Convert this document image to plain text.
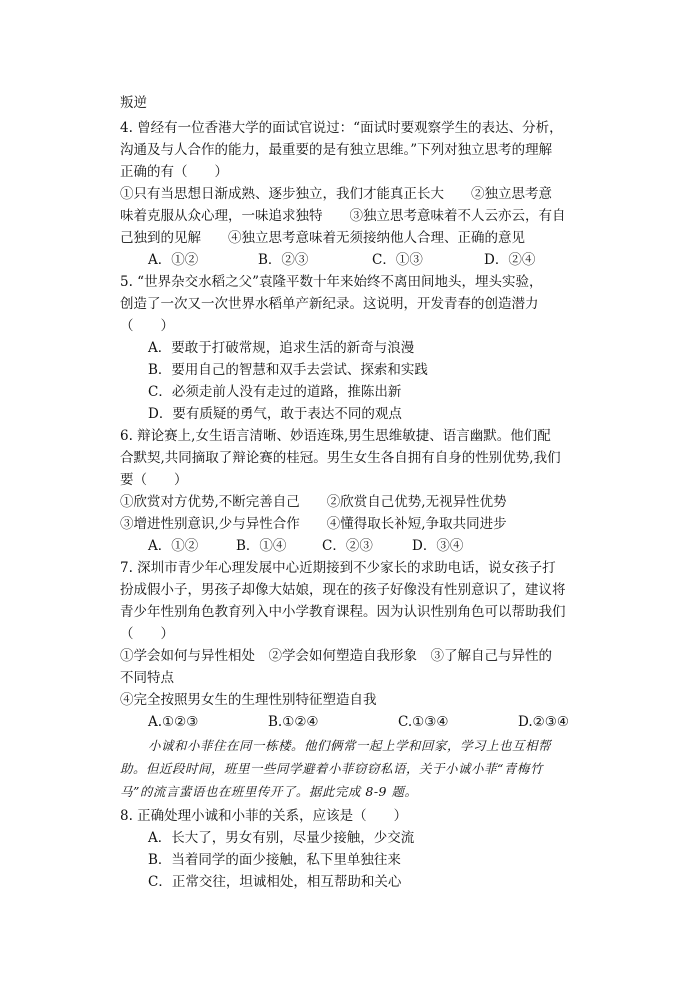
叛逆
4. 曾经有一位香港大学的面试官说过：“面试时要观察学生的表达、分析，
沟通及与人合作的能力，最重要的是有独立思维。”下列对独立思考的理解
正确的有（　　）
①只有当思想日渐成熟、逐步独立，我们才能真正长大　　②独立思考意
味着克服从众心理，一味追求独特　　③独立思考意味着不人云亦云，有自
己独到的见解　　④独立思考意味着无须接纳他人合理、正确的意见
A．①②	B．②③	C．①③	D．②④
5. “世界杂交水稻之父”袁隆平数十年来始终不离田间地头，埋头实验，
创造了一次又一次世界水稻单产新纪录。这说明，开发青春的创造潜力
（　　）
A．要敢于打破常规，追求生活的新奇与浪漫
B．要用自己的智慧和双手去尝试、探索和实践
C．必须走前人没有走过的道路，推陈出新
D．要有质疑的勇气，敢于表达不同的观点
6. 辩论赛上,女生语言清晰、妙语连珠,男生思维敏捷、语言幽默。他们配
合默契,共同摘取了辩论赛的桂冠。男生女生各自拥有自身的性别优势,我们
要（　　）
①欣赏对方优势,不断完善自己　　②欣赏自己优势,无视异性优势
③增进性别意识,少与异性合作　　④懂得取长补短,争取共同进步
A．①②	B．①④	C．②③	D．③④
7. 深圳市青少年心理发展中心近期接到不少家长的求助电话，说女孩子打
扮成假小子，男孩子却像大姑娘，现在的孩子好像没有性别意识了，建议将
青少年性别角色教育列入中小学教育课程。因为认识性别角色可以帮助我们
（　　）
①学会如何与异性相处　②学会如何塑造自我形象　③了解自己与异性的
不同特点
④完全按照男女生的生理性别特征塑造自我
A.①②③	B.①②④	C.①③④	D.②③④
小诚和小菲住在同一栋楼。他们俩常一起上学和回家，学习上也互相帮
助。但近段时间，班里一些同学避着小菲窃窃私语，关于小诚小菲“青梅竹
马”的流言蜚语也在班里传开了。据此完成 8-9 题。
8. 正确处理小诚和小菲的关系，应该是（　　）
A．长大了，男女有别，尽量少接触，少交流
B．当着同学的面少接触，私下里单独往来
C．正常交往，坦诚相处，相互帮助和关心
